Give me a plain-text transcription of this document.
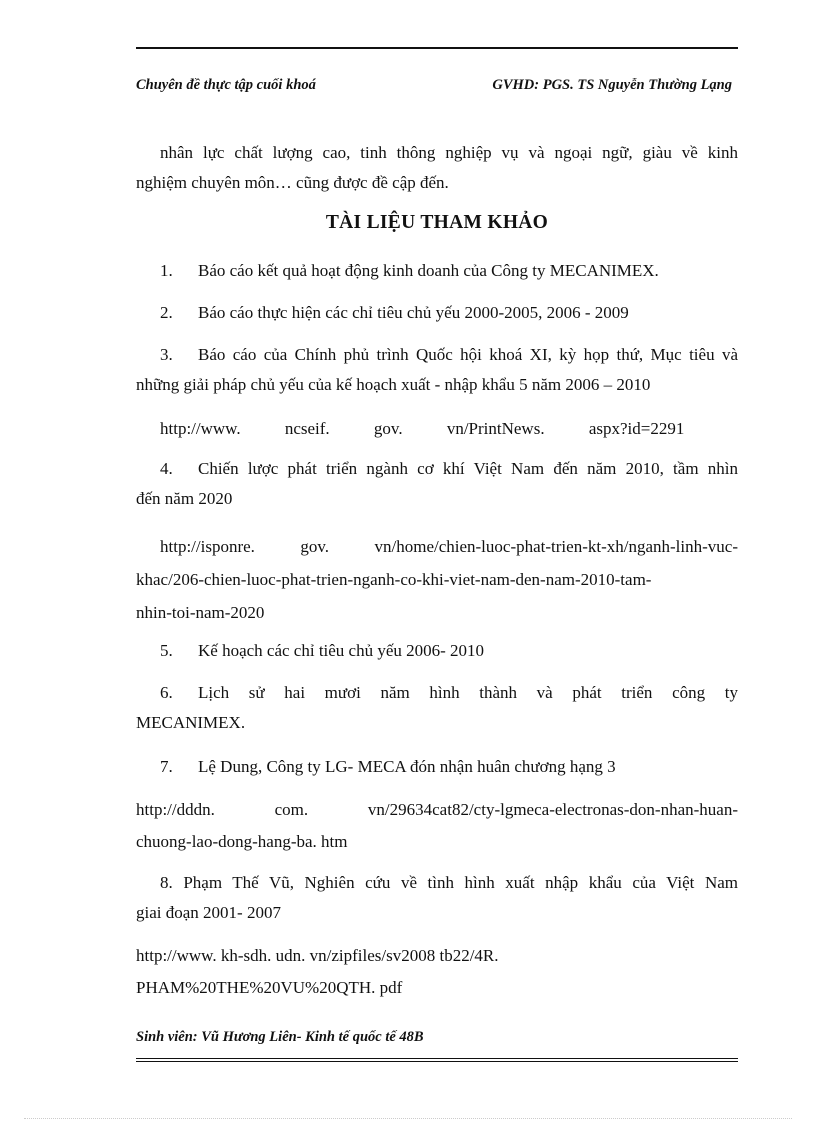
Chuyên đề thực tập cuối khoá	GVHD: PGS. TS Nguyễn Thường Lạng
nhân lực chất lượng cao, tinh thông nghiệp vụ và ngoại ngữ, giàu về kinh
nghiệm chuyên môn… cũng được đề cập đến.
TÀI LIỆU THAM KHẢO
1. Báo cáo kết quả hoạt động kinh doanh của Công ty MECANIMEX.
2. Báo cáo thực hiện các chỉ tiêu chủ yếu 2000-2005, 2006 - 2009
3. Báo cáo của Chính phủ trình Quốc hội khoá XI, kỳ họp thứ, Mục tiêu và
những giải pháp chủ yếu của kế hoạch xuất - nhập khẩu 5 năm 2006 – 2010
http://www. ncseif. gov. vn/PrintNews. aspx?id=2291
4. Chiến lược phát triển ngành cơ khí Việt Nam đến năm 2010, tầm nhìn
đến năm 2020
http://isponre. gov. vn/home/chien-luoc-phat-trien-kt-xh/nganh-linh-vuc-
khac/206-chien-luoc-phat-trien-nganh-co-khi-viet-nam-den-nam-2010-tam-
nhin-toi-nam-2020
5. Kế hoạch các chỉ tiêu chủ yếu 2006- 2010
6. Lịch sử hai mươi năm hình thành và phát triển công ty
MECANIMEX.
7. Lệ Dung, Công ty LG- MECA đón nhận huân chương hạng 3
http://dddn. com. vn/29634cat82/cty-lgmeca-electronas-don-nhan-huan-
chuong-lao-dong-hang-ba. htm
8. Phạm Thế Vũ, Nghiên cứu về tình hình xuất nhập khẩu của Việt Nam
giai đoạn 2001- 2007
http://www. kh-sdh. udn. vn/zipfiles/sv2008 tb22/4R.
PHAM%20THE%20VU%20QTH. pdf
Sinh viên: Vũ Hương Liên- Kinh tế quốc tế 48B
